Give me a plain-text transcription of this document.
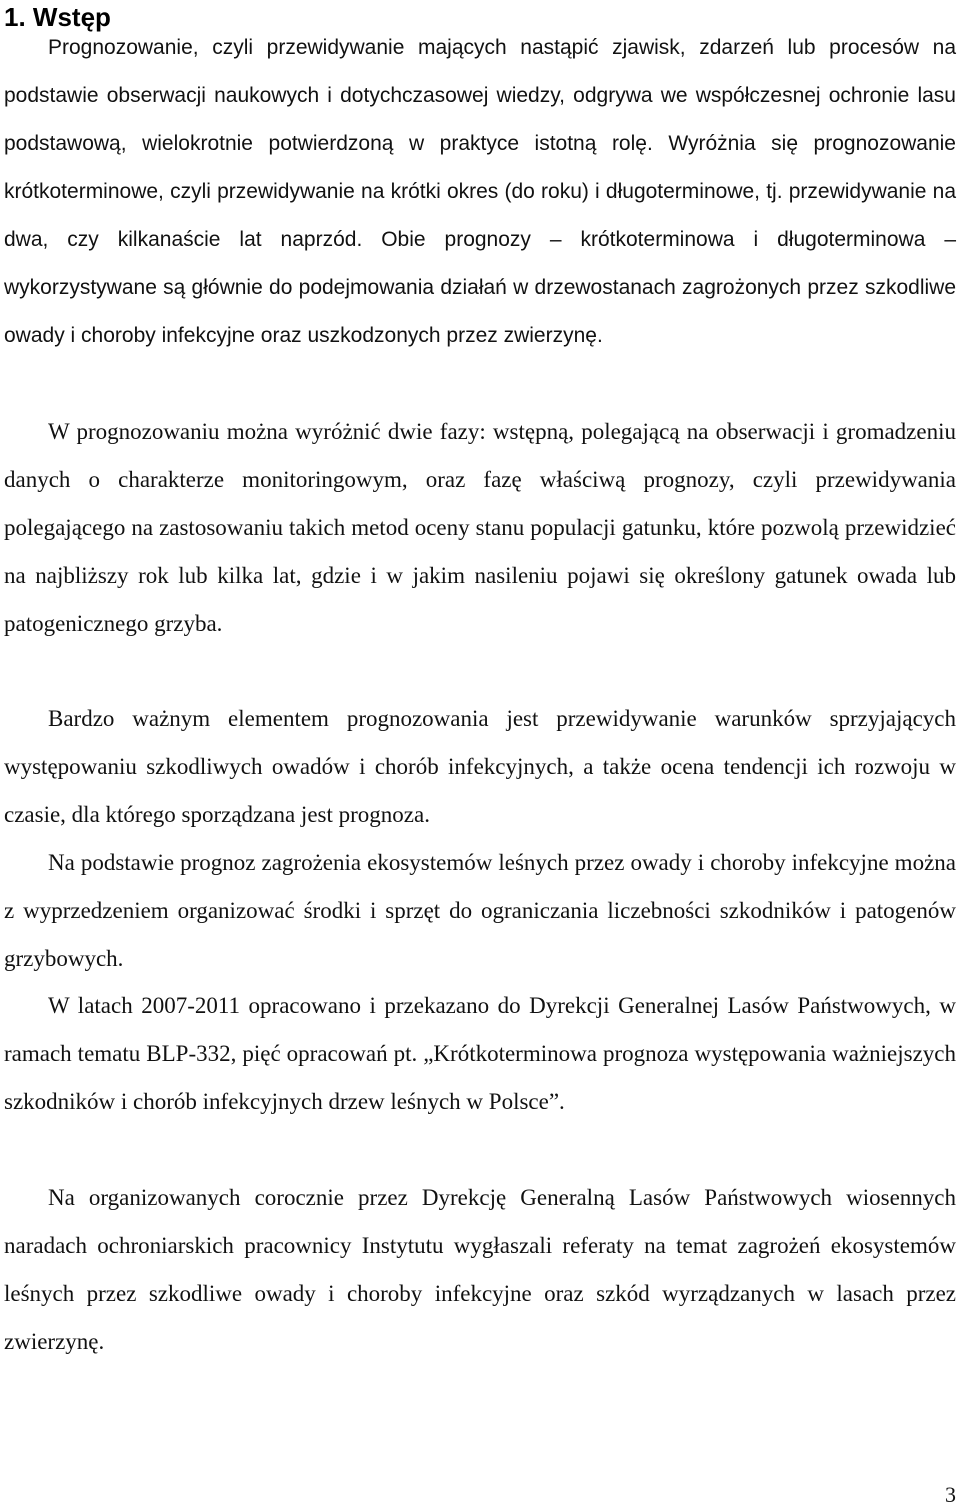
1. Wstęp

Prognozowanie, czyli przewidywanie mających nastąpić zjawisk, zdarzeń lub procesów na podstawie obserwacji naukowych i dotychczasowej wiedzy, odgrywa we współczesnej ochronie lasu podstawową, wielokrotnie potwierdzoną w praktyce istotną rolę. Wyróżnia się prognozowanie krótkoterminowe, czyli przewidywanie na krótki okres (do roku) i długoterminowe, tj. przewidywanie na dwa, czy kilkanaście lat naprzód. Obie prognozy – krótkoterminowa i długoterminowa – wykorzystywane są głównie do podejmowania działań w drzewostanach zagrożonych przez szkodliwe owady i choroby infekcyjne oraz uszkodzonych przez zwierzynę.

W prognozowaniu można wyróżnić dwie fazy: wstępną, polegającą na obserwacji i gromadzeniu danych o charakterze monitoringowym, oraz fazę właściwą prognozy, czyli przewidywania polegającego na zastosowaniu takich metod oceny stanu populacji gatunku, które pozwolą przewidzieć na najbliższy rok lub kilka lat, gdzie i w jakim nasileniu pojawi się określony gatunek owada lub patogenicznego grzyba.

Bardzo ważnym elementem prognozowania jest przewidywanie warunków sprzyjających występowaniu szkodliwych owadów i chorób infekcyjnych, a także ocena tendencji ich rozwoju w czasie, dla którego sporządzana jest prognoza.

Na podstawie prognoz zagrożenia ekosystemów leśnych przez owady i choroby infekcyjne można z wyprzedzeniem organizować środki i sprzęt do ograniczania liczebności szkodników i patogenów grzybowych.

W latach 2007-2011 opracowano i przekazano do Dyrekcji Generalnej Lasów Państwowych, w ramach tematu BLP-332, pięć opracowań pt. „Krótkoterminowa prognoza występowania ważniejszych szkodników i chorób infekcyjnych drzew leśnych w Polsce”.

Na organizowanych corocznie przez Dyrekcję Generalną Lasów Państwowych wiosennych naradach ochroniarskich pracownicy Instytutu wygłaszali referaty na temat zagrożeń ekosystemów leśnych przez szkodliwe owady i choroby infekcyjne oraz szkód wyrządzanych w lasach przez zwierzynę.

3
